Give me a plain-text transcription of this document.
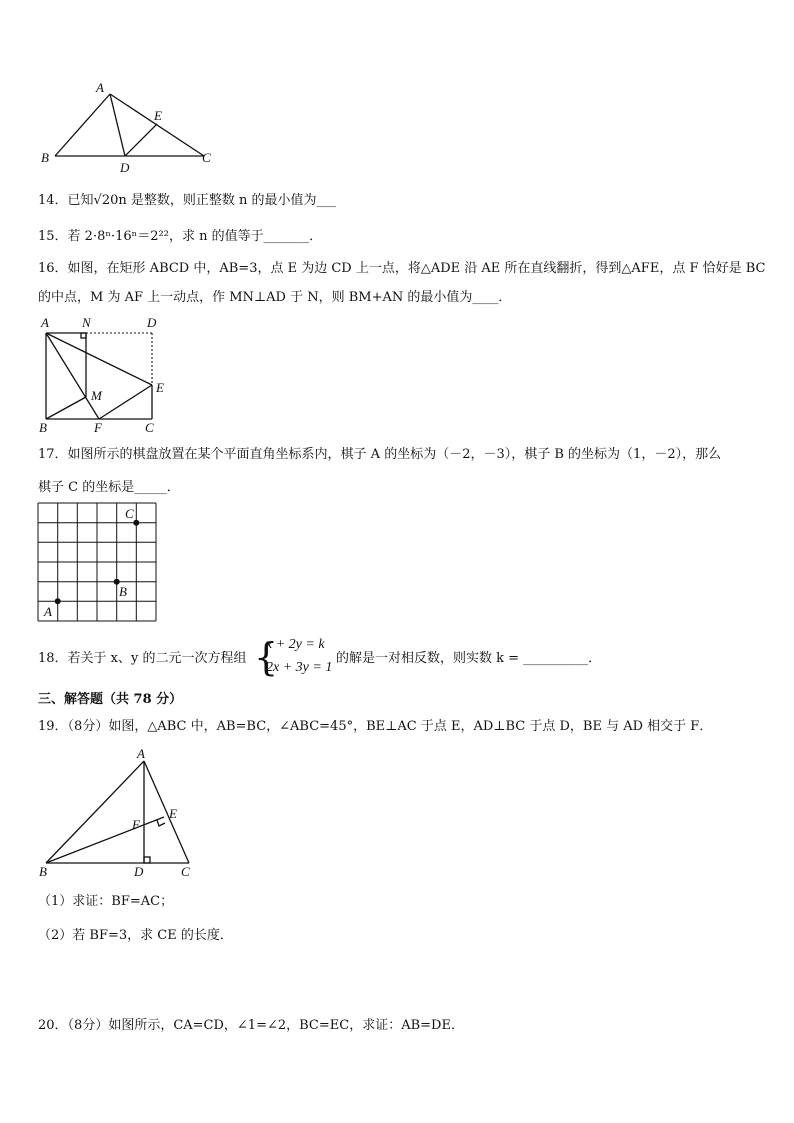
A
E
B
D
C
14．已知√20n 是整数，则正整数 n 的最小值为___
15．若 2·8ⁿ·16ⁿ＝2²²，求 n 的值等于_______．
16．如图，在矩形 ABCD 中，AB=3，点 E 为边 CD 上一点，将△ADE 沿 AE 所在直线翻折，得到△AFE，点 F 恰好是 BC
的中点，M 为 AF 上一动点，作 MN⊥AD 于 N，则 BM+AN 的最小值为____．
A	N	D
E
M
B	F	C
17．如图所示的棋盘放置在某个平面直角坐标系内，棋子 A 的坐标为（－2，－3），棋子 B 的坐标为（1，－2），那么
棋子 C 的坐标是_____．
A
B
C
18．若关于 x、y 的二元一次方程组 {
x + 2y = k
2x + 3y = 1
的解是一对相反数，则实数 k = __________．
三、解答题（共 78 分）
19．（8分）如图，△ABC 中，AB=BC，∠ABC=45°，BE⊥AC 于点 E，AD⊥BC 于点 D，BE 与 AD 相交于 F．
A
E
F
B	D	C
（1）求证：BF=AC；
（2）若 BF=3，求 CE 的长度．
20．（8分）如图所示，CA=CD，∠1=∠2，BC=EC，求证：AB=DE．
